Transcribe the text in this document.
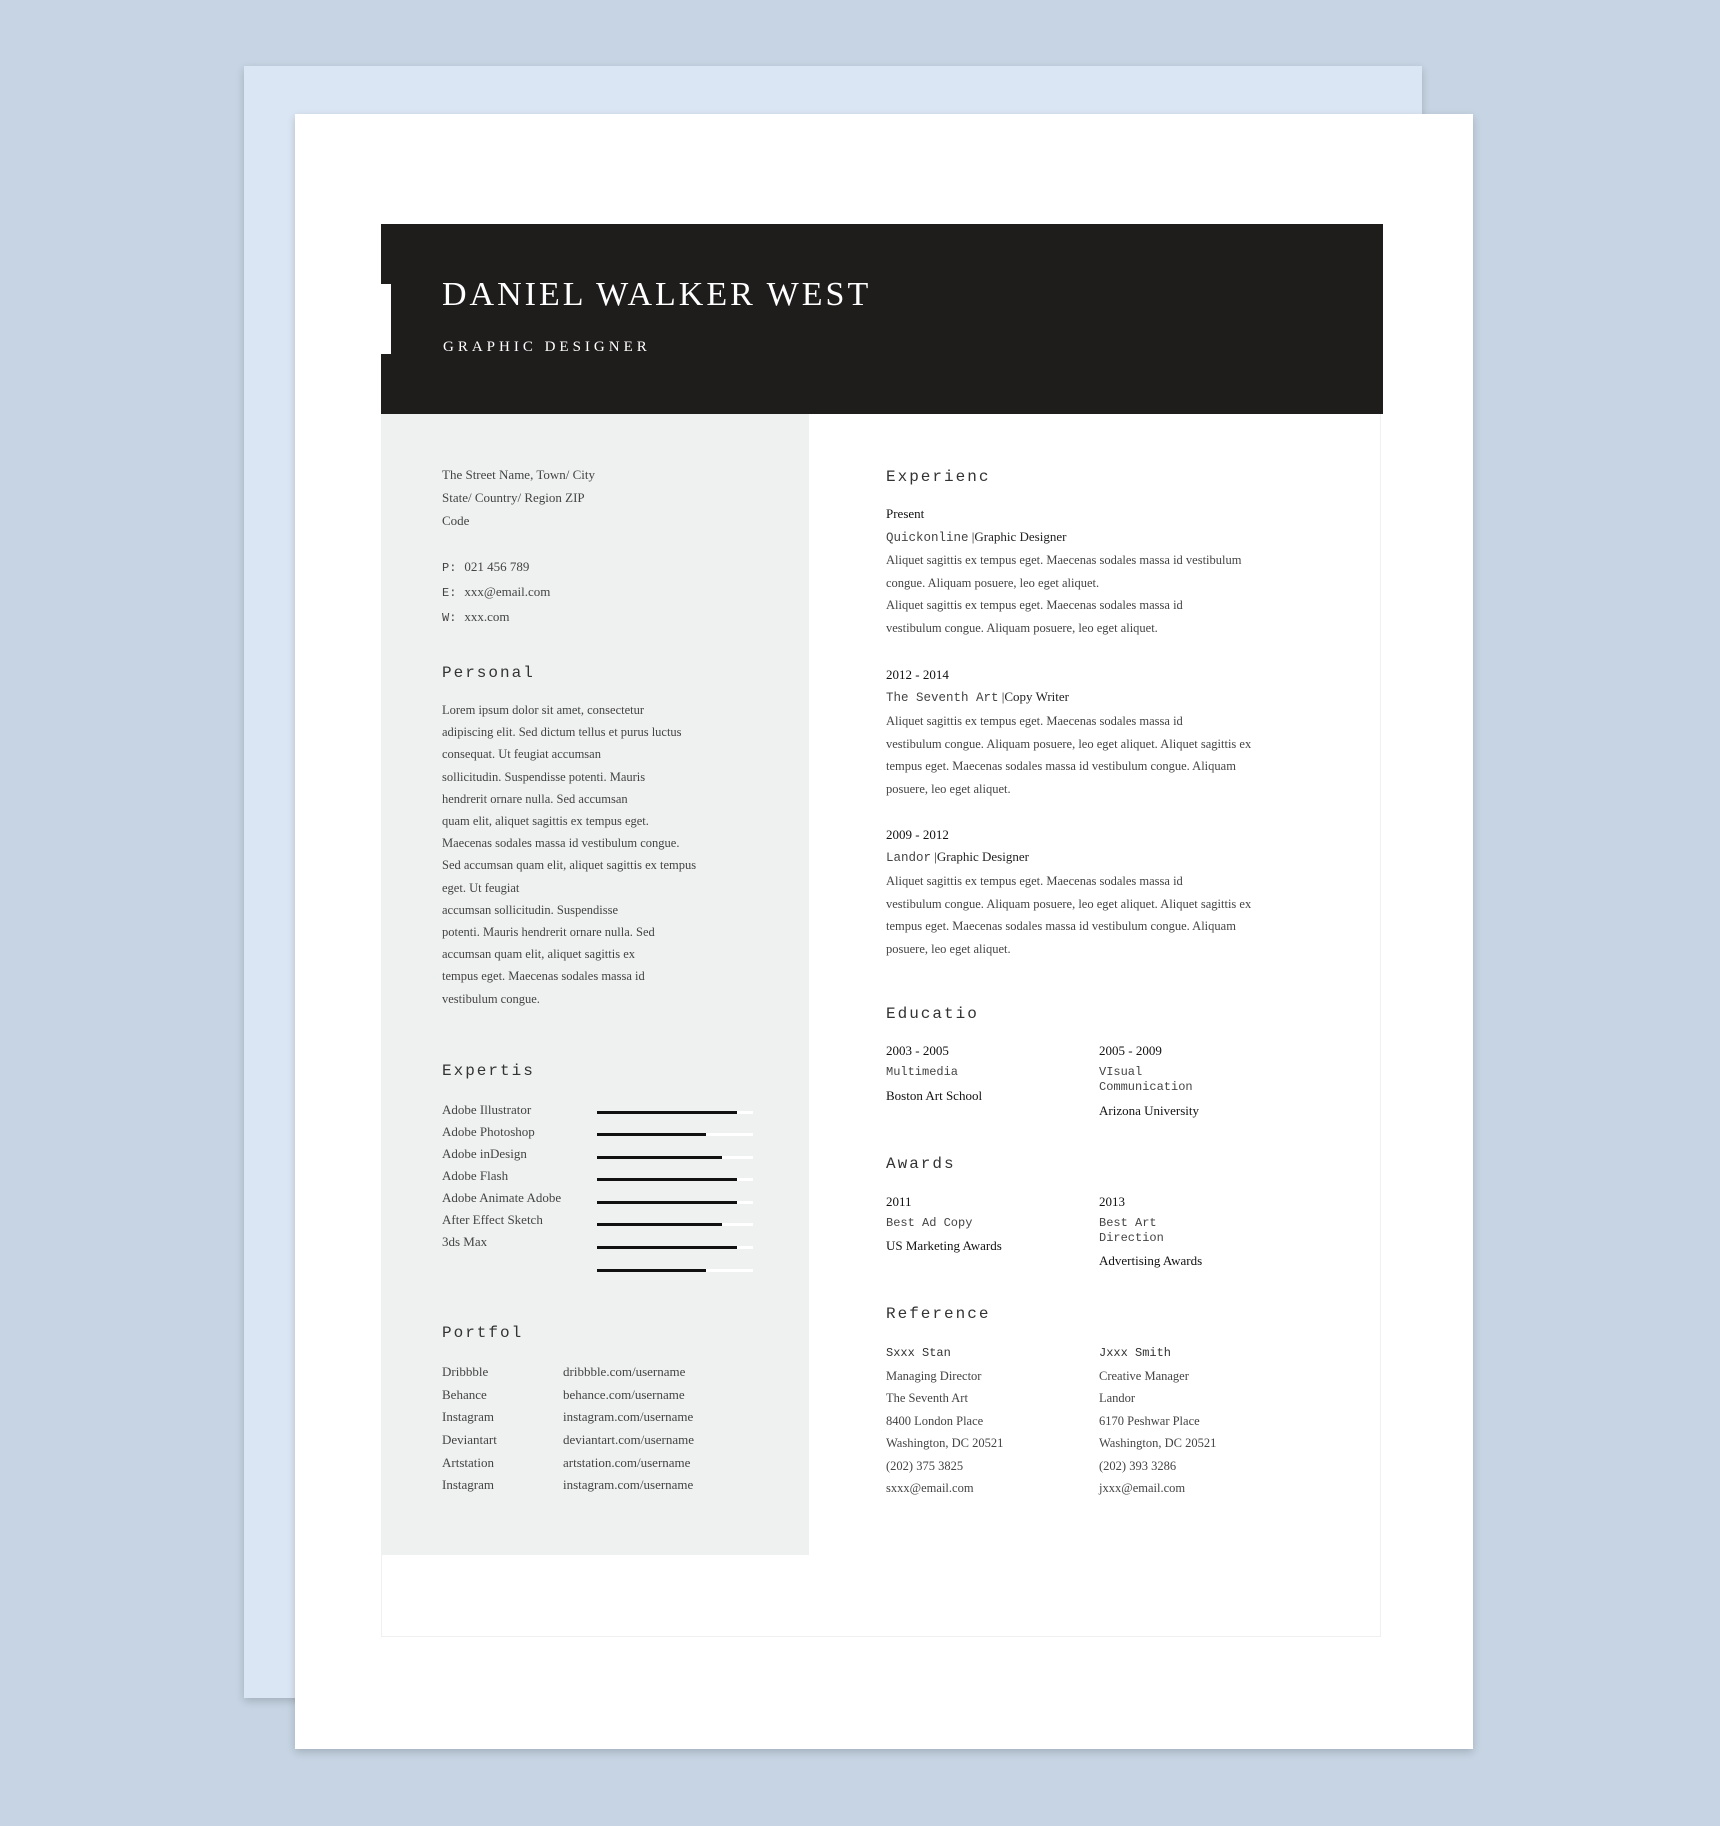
DANIEL WALKER WEST
GRAPHIC DESIGNER
The Street Name, Town/ City
State/ Country/ Region ZIP
Code
P: 021 456 789
E: xxx@email.com
W: xxx.com
Personal
Lorem ipsum dolor sit amet, consectetur
adipiscing elit. Sed dictum tellus et purus luctus
consequat. Ut feugiat accumsan
sollicitudin. Suspendisse potenti. Mauris
hendrerit ornare nulla. Sed accumsan
quam elit, aliquet sagittis ex tempus eget.
Maecenas sodales massa id vestibulum congue.
Sed accumsan quam elit, aliquet sagittis ex tempus
eget. Ut feugiat
accumsan sollicitudin. Suspendisse
potenti. Mauris hendrerit ornare nulla. Sed
accumsan quam elit, aliquet sagittis ex
tempus eget. Maecenas sodales massa id
vestibulum congue.
Expertis
Adobe Illustrator
Adobe Photoshop
Adobe inDesign
Adobe Flash
Adobe Animate Adobe
After Effect Sketch
3ds Max
Portfol
Dribbble	dribbble.com/username
Behance	behance.com/username
Instagram	instagram.com/username
Deviantart	deviantart.com/username
Artstation	artstation.com/username
Instagram	instagram.com/username
Experienc
Present
Quickonline |Graphic Designer
Aliquet sagittis ex tempus eget. Maecenas sodales massa id vestibulum
congue. Aliquam posuere, leo eget aliquet.
Aliquet sagittis ex tempus eget. Maecenas sodales massa id
vestibulum congue. Aliquam posuere, leo eget aliquet.
2012 - 2014
The Seventh Art |Copy Writer
Aliquet sagittis ex tempus eget. Maecenas sodales massa id
vestibulum congue. Aliquam posuere, leo eget aliquet. Aliquet sagittis ex
tempus eget. Maecenas sodales massa id vestibulum congue. Aliquam
posuere, leo eget aliquet.
2009 - 2012
Landor |Graphic Designer
Aliquet sagittis ex tempus eget. Maecenas sodales massa id
vestibulum congue. Aliquam posuere, leo eget aliquet. Aliquet sagittis ex
tempus eget. Maecenas sodales massa id vestibulum congue. Aliquam
posuere, leo eget aliquet.
Educatio
2003 - 2005
Multimedia
Boston Art School
2005 - 2009
VIsual
Communication
Arizona University
Awards
2011
Best Ad Copy
US Marketing Awards
2013
Best Art
Direction
Advertising Awards
Reference
Sxxx Stan
Managing Director
The Seventh Art
8400 London Place
Washington, DC 20521
(202) 375 3825
sxxx@email.com
Jxxx Smith
Creative Manager
Landor
6170 Peshwar Place
Washington, DC 20521
(202) 393 3286
jxxx@email.com
